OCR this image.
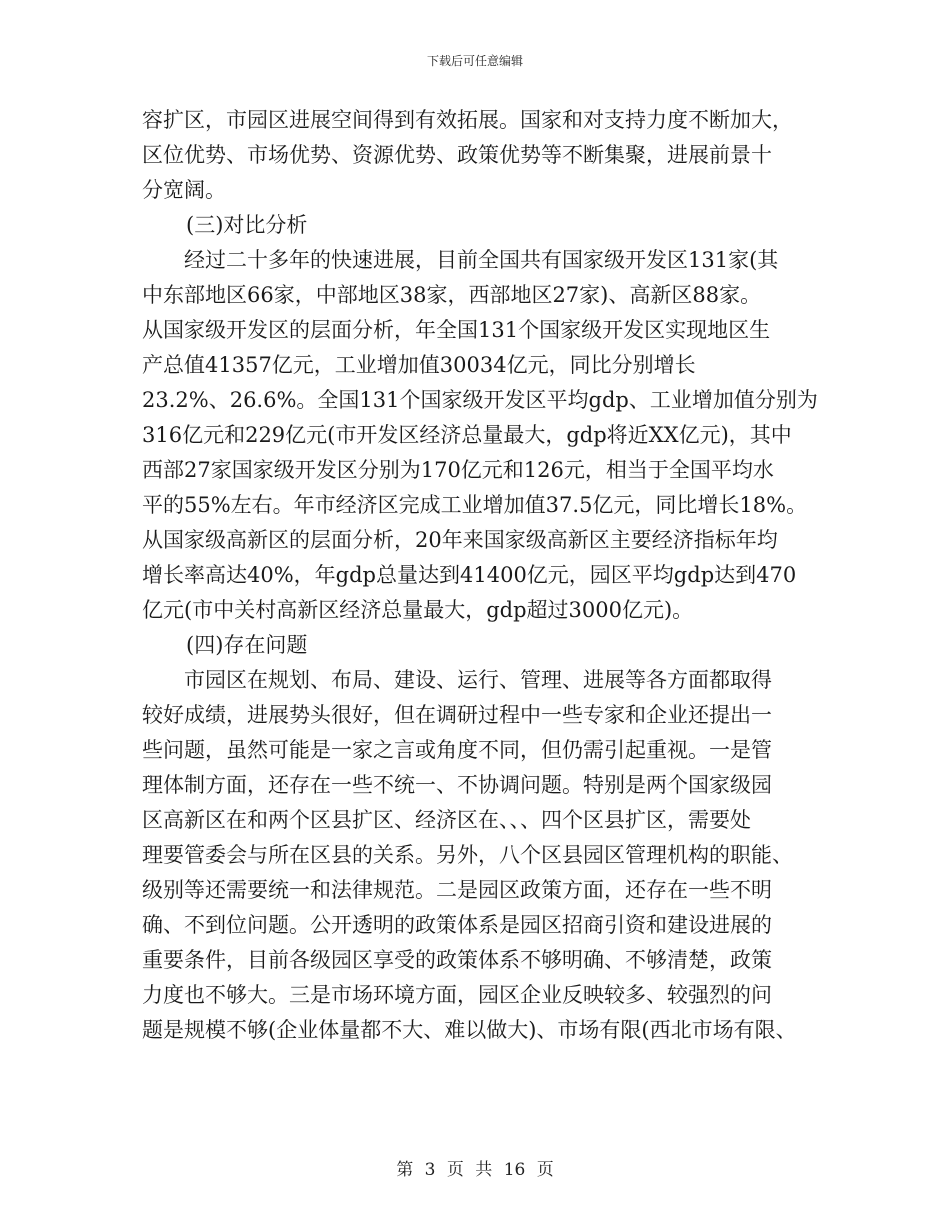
下载后可任意编辑
容扩区，市园区进展空间得到有效拓展。国家和对支持力度不断加大，
区位优势、市场优势、资源优势、政策优势等不断集聚，进展前景十
分宽阔。
(三)对比分析
　　经过二十多年的快速进展，目前全国共有国家级开发区131家(其
中东部地区66家，中部地区38家，西部地区27家)、高新区88家。
从国家级开发区的层面分析，年全国131个国家级开发区实现地区生
产总值41357亿元，工业增加值30034亿元，同比分别增长
23.2%、26.6%。全国131个国家级开发区平均gdp、工业增加值分别为
316亿元和229亿元(市开发区经济总量最大，gdp将近XX亿元)，其中
西部27家国家级开发区分别为170亿元和126元，相当于全国平均水
平的55%左右。年市经济区完成工业增加值37.5亿元，同比增长18%。
从国家级高新区的层面分析，20年来国家级高新区主要经济指标年均
增长率高达40%，年gdp总量达到41400亿元，园区平均gdp达到470
亿元(市中关村高新区经济总量最大，gdp超过3000亿元)。
(四)存在问题
　　市园区在规划、布局、建设、运行、管理、进展等各方面都取得
较好成绩，进展势头很好，但在调研过程中一些专家和企业还提出一
些问题，虽然可能是一家之言或角度不同，但仍需引起重视。一是管
理体制方面，还存在一些不统一、不协调问题。特别是两个国家级园
区高新区在和两个区县扩区、经济区在、、、四个区县扩区，需要处
理要管委会与所在区县的关系。另外，八个区县园区管理机构的职能、
级别等还需要统一和法律规范。二是园区政策方面，还存在一些不明
确、不到位问题。公开透明的政策体系是园区招商引资和建设进展的
重要条件，目前各级园区享受的政策体系不够明确、不够清楚，政策
力度也不够大。三是市场环境方面，园区企业反映较多、较强烈的问
题是规模不够(企业体量都不大、难以做大)、市场有限(西北市场有限、
第 3 页 共 16 页
